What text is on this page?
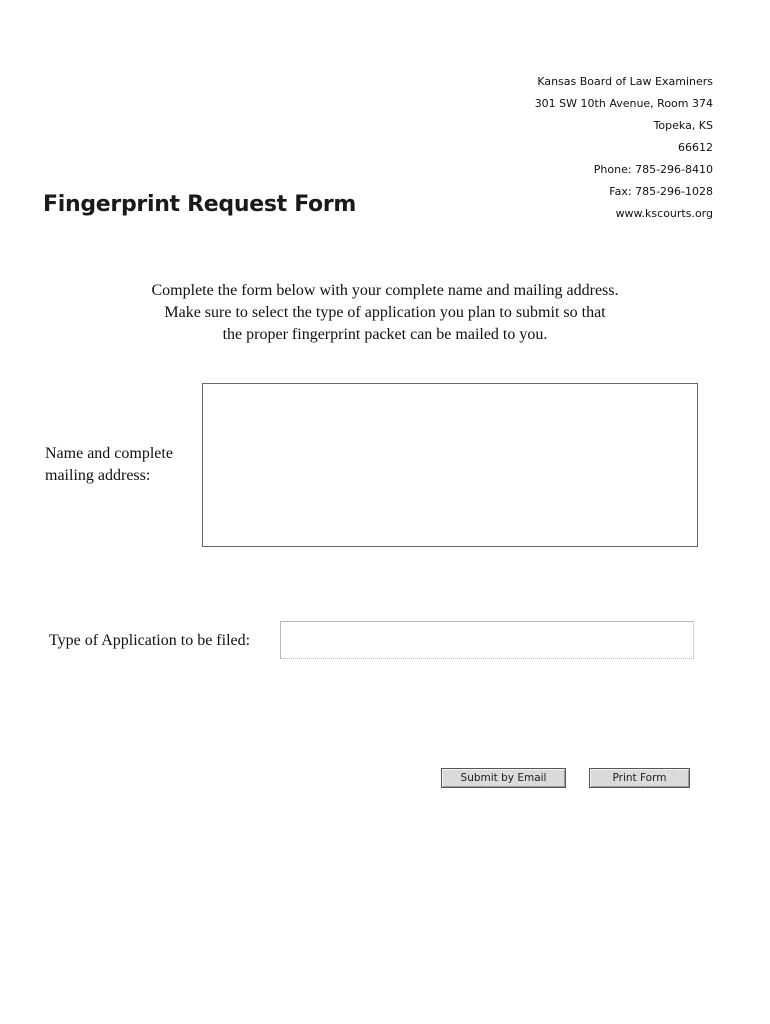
Kansas Board of Law Examiners
301 SW 10th Avenue, Room 374
Topeka, KS
66612
Phone: 785-296-8410
Fax: 785-296-1028
www.kscourts.org
Fingerprint Request Form
Complete the form below with your complete name and mailing address.
Make sure to select the type of application you plan to submit so that
the proper fingerprint packet can be mailed to you.
Name and complete
mailing address:
Type of Application to be filed:
Submit by Email	Print Form
